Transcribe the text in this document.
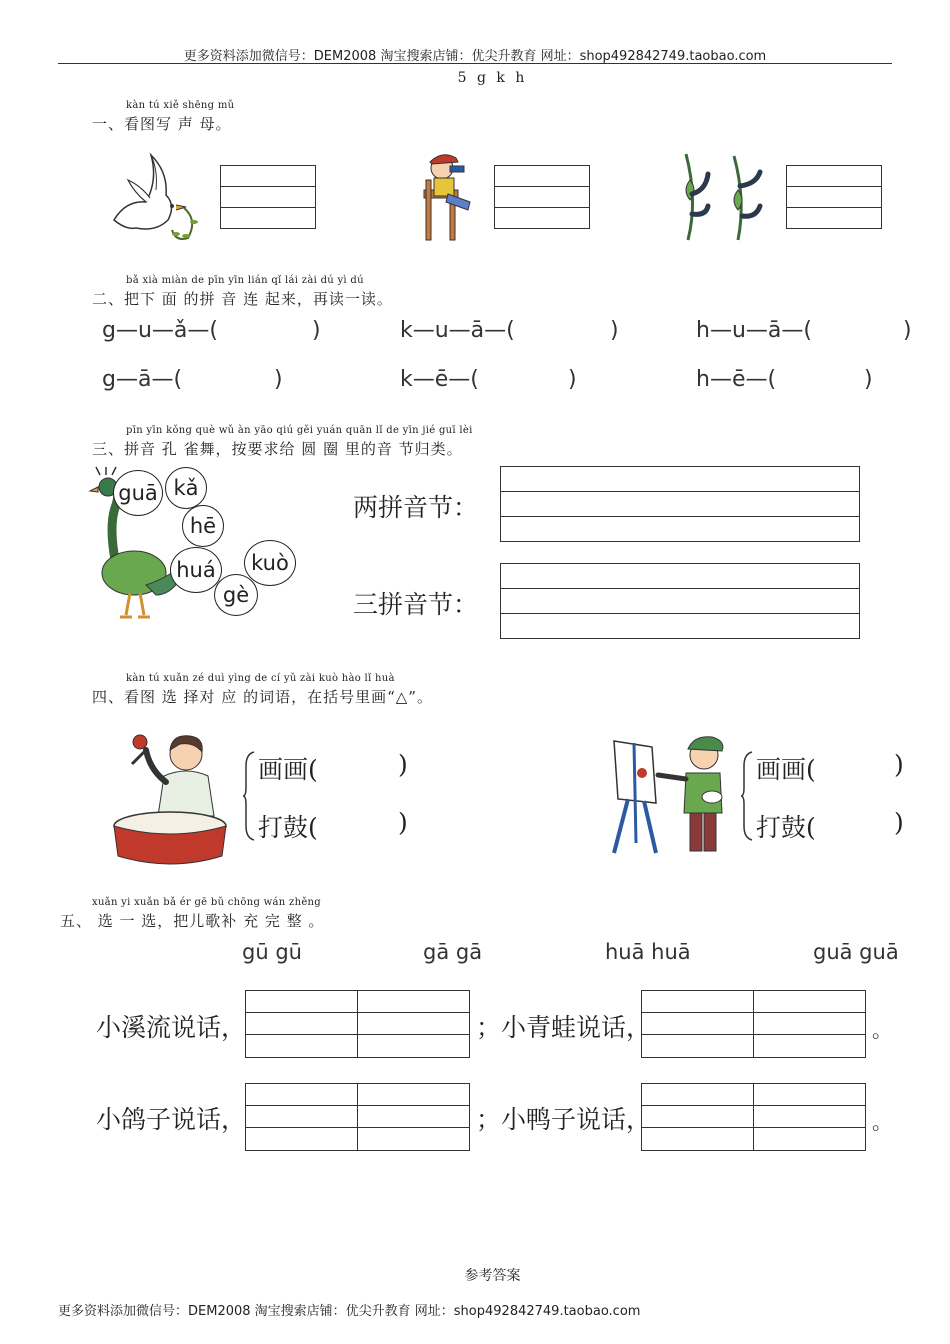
更多资料添加微信号：DEM2008 淘宝搜索店铺：优尖升教育 网址：shop492842749.taobao.com
5 g k h
kàn tú xiě shēng mǔ
一、看图写 声 母。
bǎ xià miàn de pīn yīn lián qǐ lái zài dú yì dú
二、把下 面 的拼 音 连 起来，再读一读。
g—u—ǎ—(	)	k—u—ā—(	)	h—u—ā—(	)
g—ā—(	)	k—ē—(	)	h—ē—(	)
pīn yīn kǒng què wǔ àn yāo qiú gěi yuán quān lǐ de yīn jié guī lèi
三、拼音 孔 雀舞，按要求给 圆 圈 里的音 节归类。
guā kǎ
hē
huá	kuò
gè
两拼音节：
三拼音节：
kàn tú xuǎn zé duì yìng de cí yǔ zài kuò hào lǐ huà
四、看图 选 择对 应 的词语，在括号里画“△”。
画画(	)
打鼓(	)
画画(	)
打鼓(	)
xuǎn yi xuǎn bǎ ér gē bǔ chōng wán zhěng
五、 选 一 选，把儿歌补 充 完 整 。
gū gū	gā gā	huā huā	guā guā
小溪流说话，	；小青蛙说话，	。
小鸽子说话，	；小鸭子说话，	。
参考答案
更多资料添加微信号：DEM2008 淘宝搜索店铺：优尖升教育 网址：shop492842749.taobao.com
